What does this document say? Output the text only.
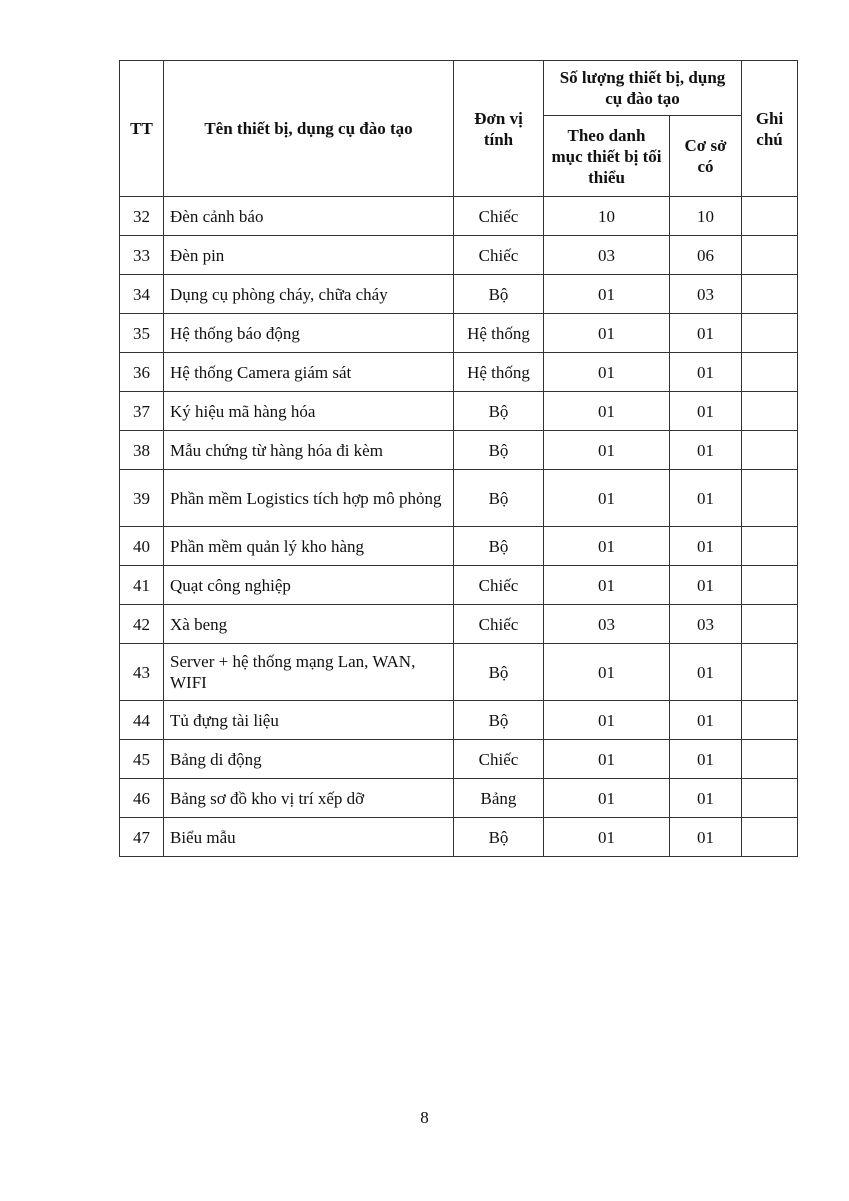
TT	Tên thiết bị, dụng cụ đào tạo	Đơn vị tính	Số lượng thiết bị, dụng cụ đào tạo		Ghi chú
			Theo danh mục thiết bị tối thiểu	Cơ sở có	
32	Đèn cảnh báo	Chiếc	10	10	
33	Đèn pin	Chiếc	03	06	
34	Dụng cụ phòng cháy, chữa cháy	Bộ	01	03	
35	Hệ thống báo động	Hệ thống	01	01	
36	Hệ thống Camera giám sát	Hệ thống	01	01	
37	Ký hiệu mã hàng hóa	Bộ	01	01	
38	Mẫu chứng từ hàng hóa đi kèm	Bộ	01	01	
39	Phần mềm Logistics tích hợp mô phỏng	Bộ	01	01	
40	Phần mềm quản lý kho hàng	Bộ	01	01	
41	Quạt công nghiệp	Chiếc	01	01	
42	Xà beng	Chiếc	03	03	
43	Server + hệ thống mạng Lan, WAN, WIFI	Bộ	01	01	
44	Tủ đựng tài liệu	Bộ	01	01	
45	Bảng di động	Chiếc	01	01	
46	Bảng sơ đồ kho vị trí xếp dỡ	Bảng	01	01	
47	Biểu mẫu	Bộ	01	01	
8
